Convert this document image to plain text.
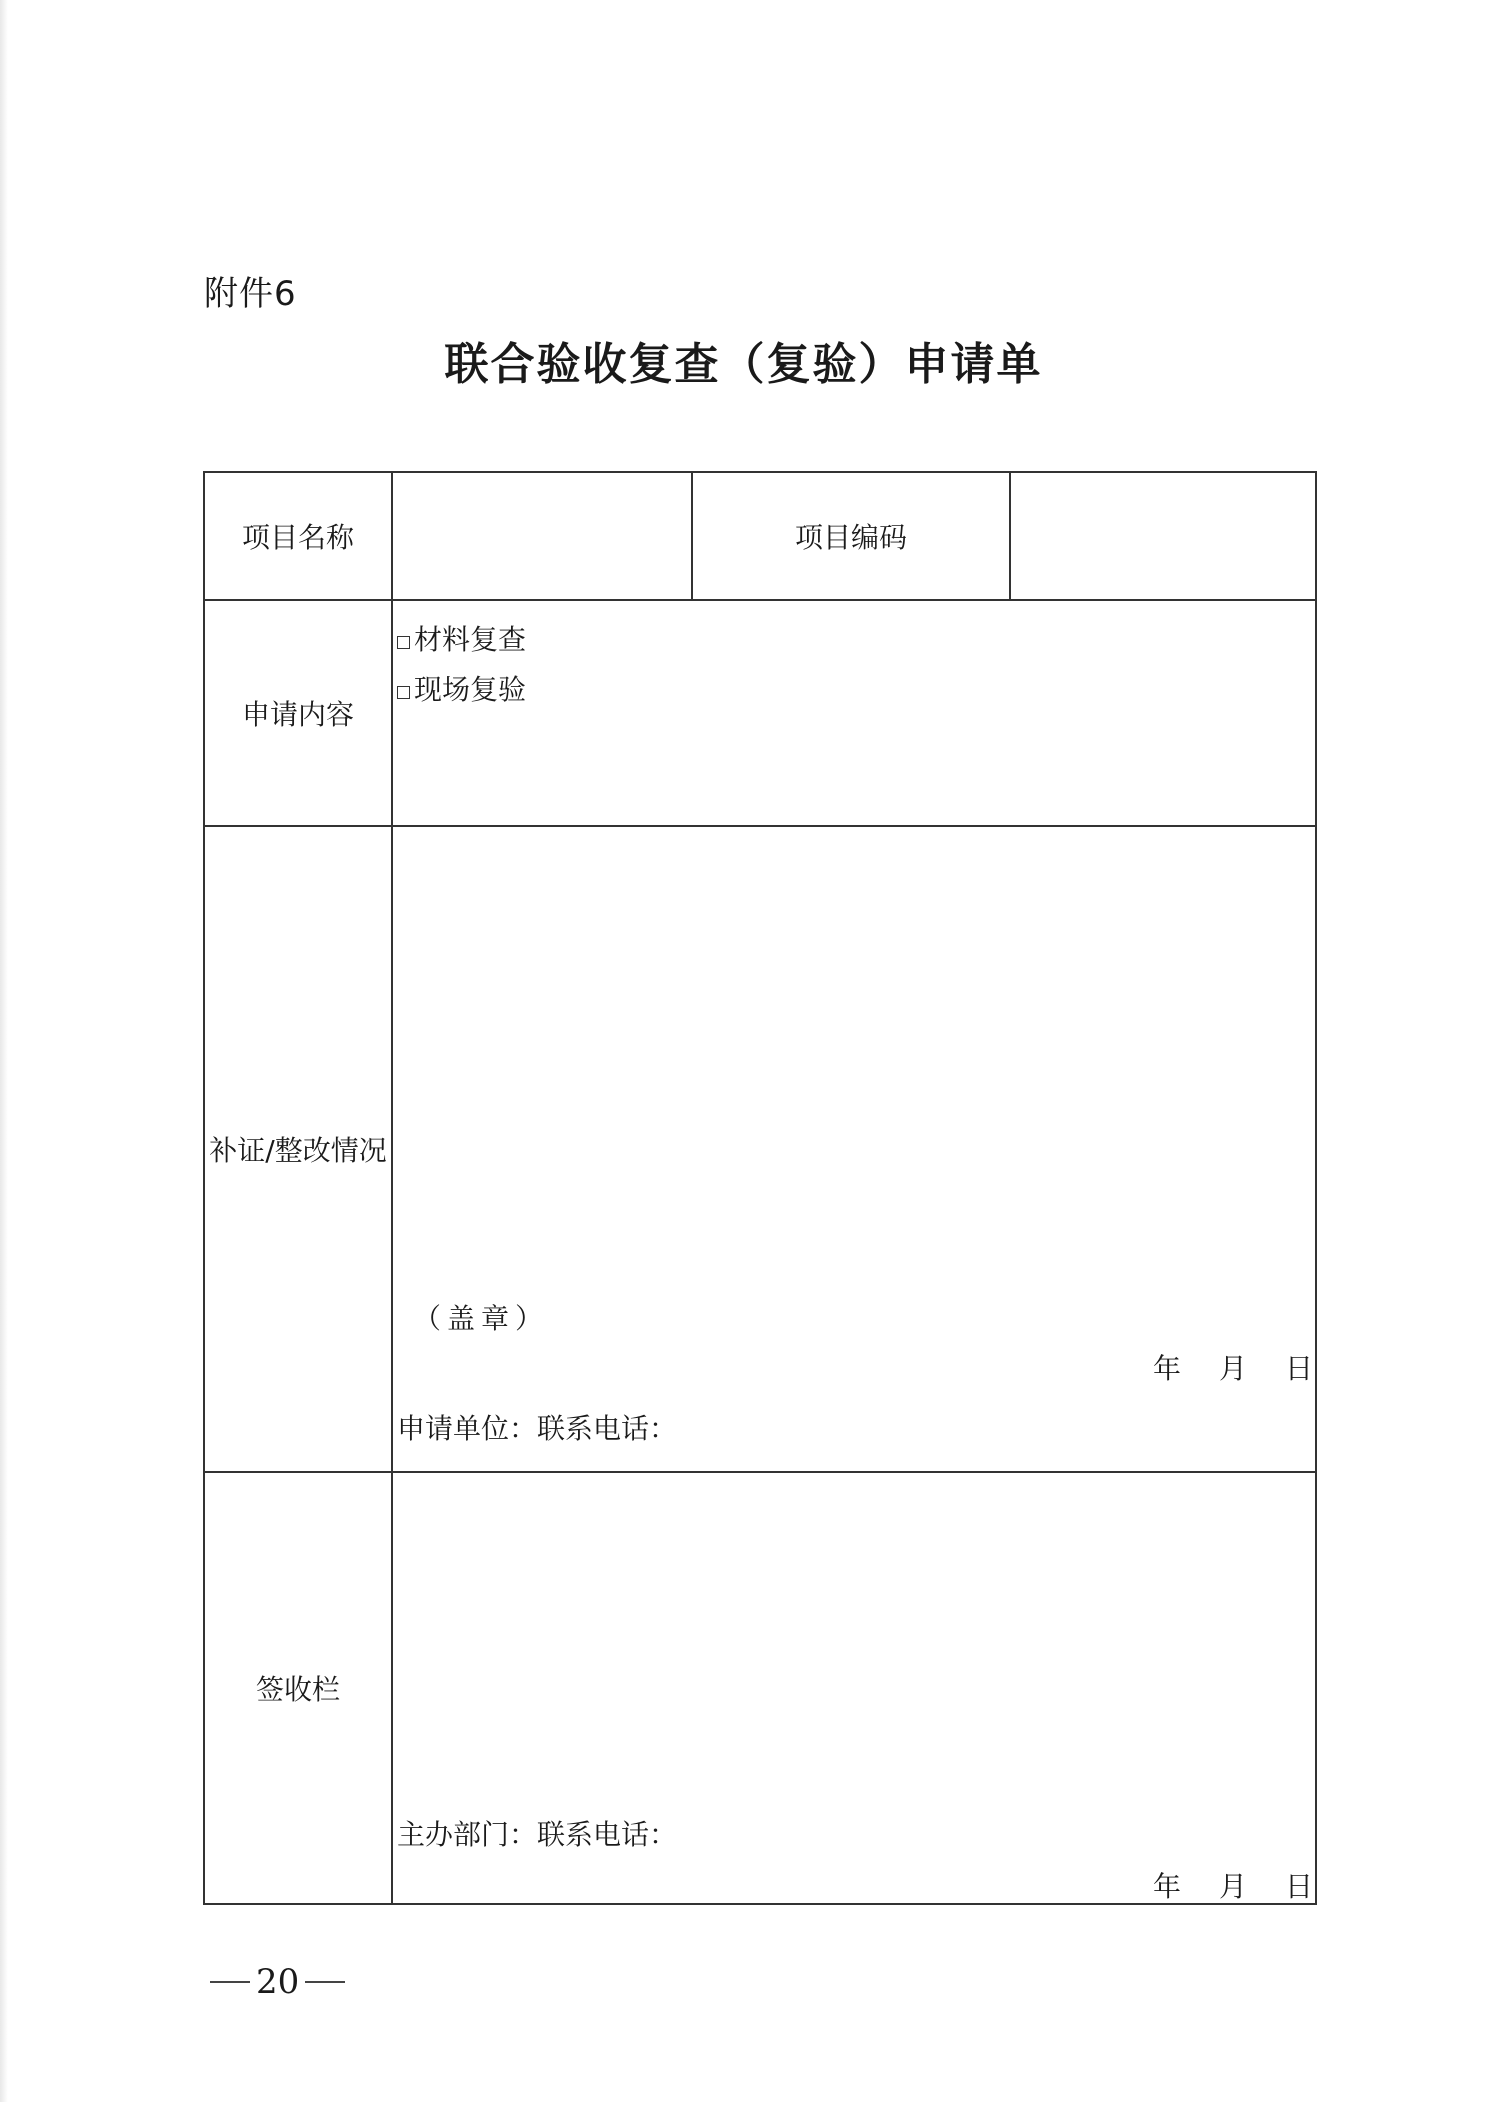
附件6
联合验收复查（复验）申请单
项目名称		项目编码	
申请内容	材料复查
现场复验		

补证/整改情况	（盖章）
年 月 日
申请单位：联系电话：		

签收栏	主办部门：联系电话：
年 月 日		
20
